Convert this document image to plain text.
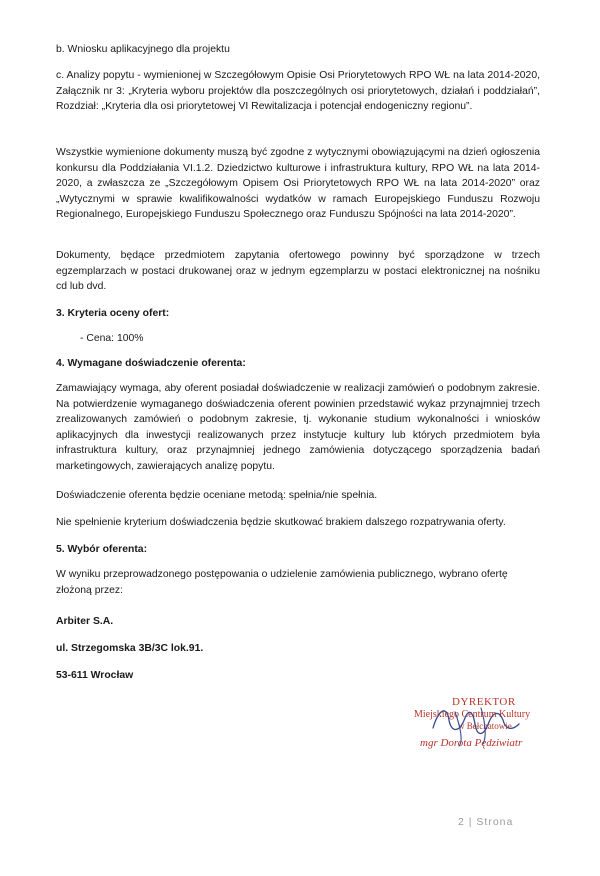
b. Wniosku aplikacyjnego dla projektu

c. Analizy popytu - wymienionej w Szczegółowym Opisie Osi Priorytetowych RPO WŁ na lata 2014-2020, Załącznik nr 3: „Kryteria wyboru projektów dla poszczególnych osi priorytetowych, działań i poddziałań”, Rozdział: „Kryteria dla osi priorytetowej VI Rewitalizacja i potencjał endogeniczny regionu”.

Wszystkie wymienione dokumenty muszą być zgodne z wytycznymi obowiązującymi na dzień ogłoszenia konkursu dla Poddziałania VI.1.2. Dziedzictwo kulturowe i infrastruktura kultury, RPO WŁ na lata 2014-2020, a zwłaszcza ze „Szczegółowym Opisem Osi Priorytetowych RPO WŁ na lata 2014-2020” oraz „Wytycznymi w sprawie kwalifikowalności wydatków w ramach Europejskiego Funduszu Rozwoju Regionalnego, Europejskiego Funduszu Społecznego oraz Funduszu Spójności na lata 2014-2020”.

Dokumenty, będące przedmiotem zapytania ofertowego powinny być sporządzone w trzech egzemplarzach w postaci drukowanej oraz w jednym egzemplarzu w postaci elektronicznej na nośniku cd lub dvd.

3. Kryteria oceny ofert:

- Cena: 100%

4. Wymagane doświadczenie oferenta:

Zamawiający wymaga, aby oferent posiadał doświadczenie w realizacji zamówień o podobnym zakresie. Na potwierdzenie wymaganego doświadczenia oferent powinien przedstawić wykaz przynajmniej trzech zrealizowanych zamówień o podobnym zakresie, tj. wykonanie studium wykonalności i wniosków aplikacyjnych dla inwestycji realizowanych przez instytucje kultury lub których przedmiotem była infrastruktura kultury, oraz przynajmniej jednego zamówienia dotyczącego sporządzenia badań marketingowych, zawierających analizę popytu.

Doświadczenie oferenta będzie oceniane metodą: spełnia/nie spełnia.

Nie spełnienie kryterium doświadczenia będzie skutkować brakiem dalszego rozpatrywania oferty.

5. Wybór oferenta:

W wyniku przeprowadzonego postępowania o udzielenie zamówienia publicznego, wybrano ofertę złożoną przez:

Arbiter S.A.

ul. Strzegomska 3B/3C lok.91.

53-611 Wrocław

DYREKTOR
Miejskiego Centrum Kultury
w Bełchatowie
mgr Dorota Pędziwiatr
2 | Strona
